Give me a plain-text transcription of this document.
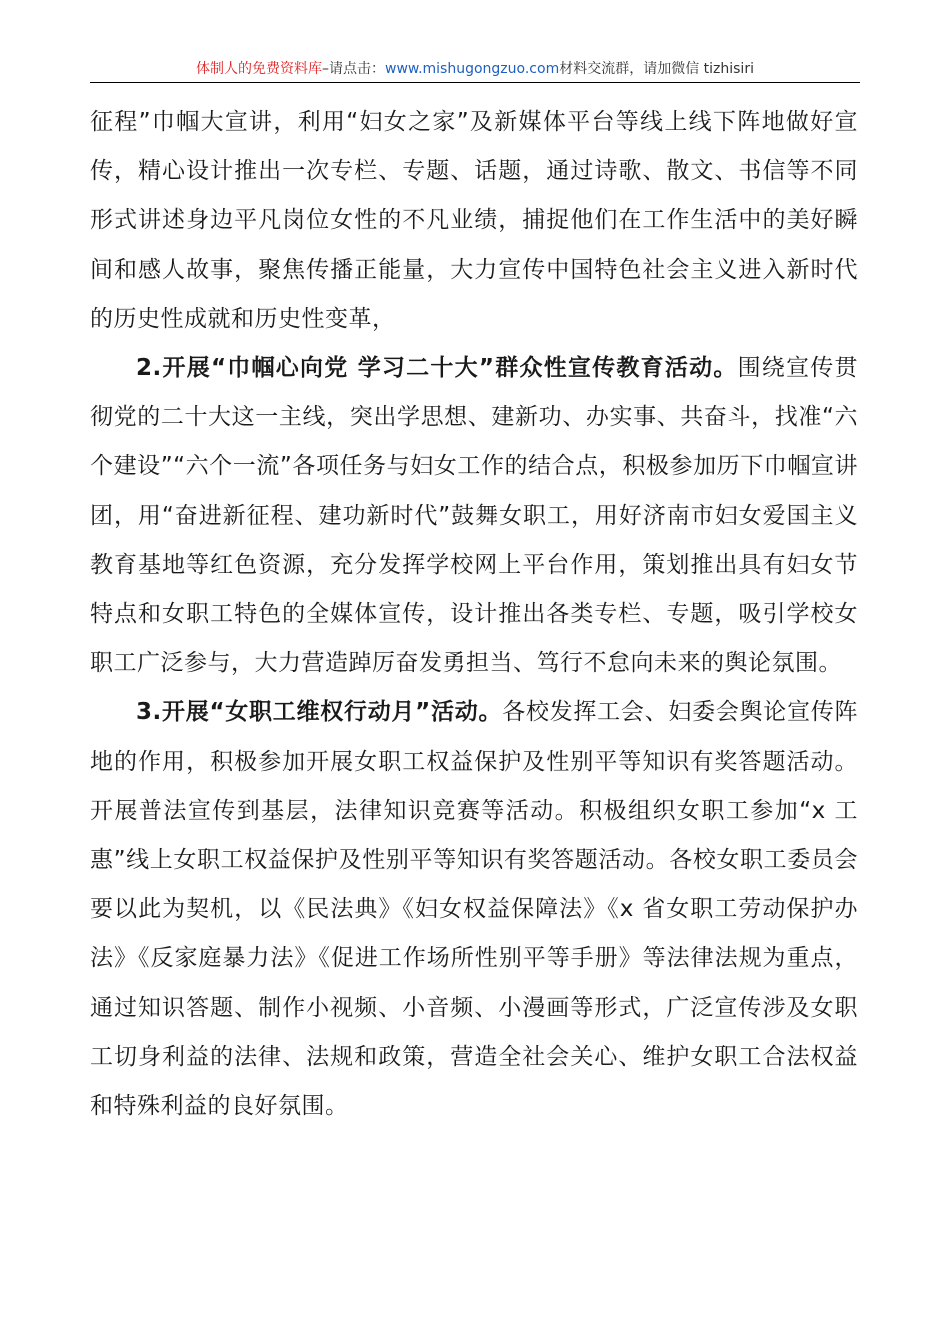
体制人的免费资料库–请点击：www.mishugongzuo.com材料交流群，请加微信 tizhisiri

征程”巾帼大宣讲，利用“妇女之家”及新媒体平台等线上线下阵地做好宣传，精心设计推出一次专栏、专题、话题，通过诗歌、散文、书信等不同形式讲述身边平凡岗位女性的不凡业绩，捕捉他们在工作生活中的美好瞬间和感人故事，聚焦传播正能量，大力宣传中国特色社会主义进入新时代的历史性成就和历史性变革，

2.开展“巾帼心向党 学习二十大”群众性宣传教育活动。围绕宣传贯彻党的二十大这一主线，突出学思想、建新功、办实事、共奋斗，找准“六个建设”“六个一流”各项任务与妇女工作的结合点，积极参加历下巾帼宣讲团，用“奋进新征程、建功新时代”鼓舞女职工，用好济南市妇女爱国主义教育基地等红色资源，充分发挥学校网上平台作用，策划推出具有妇女节特点和女职工特色的全媒体宣传，设计推出各类专栏、专题，吸引学校女职工广泛参与，大力营造踔厉奋发勇担当、笃行不怠向未来的舆论氛围。

3.开展“女职工维权行动月”活动。各校发挥工会、妇委会舆论宣传阵地的作用，积极参加开展女职工权益保护及性别平等知识有奖答题活动。开展普法宣传到基层，法律知识竞赛等活动。积极组织女职工参加“x 工惠”线上女职工权益保护及性别平等知识有奖答题活动。各校女职工委员会要以此为契机，以《民法典》《妇女权益保障法》《x 省女职工劳动保护办法》《反家庭暴力法》《促进工作场所性别平等手册》等法律法规为重点，通过知识答题、制作小视频、小音频、小漫画等形式，广泛宣传涉及女职工切身利益的法律、法规和政策，营造全社会关心、维护女职工合法权益和特殊利益的良好氛围。
